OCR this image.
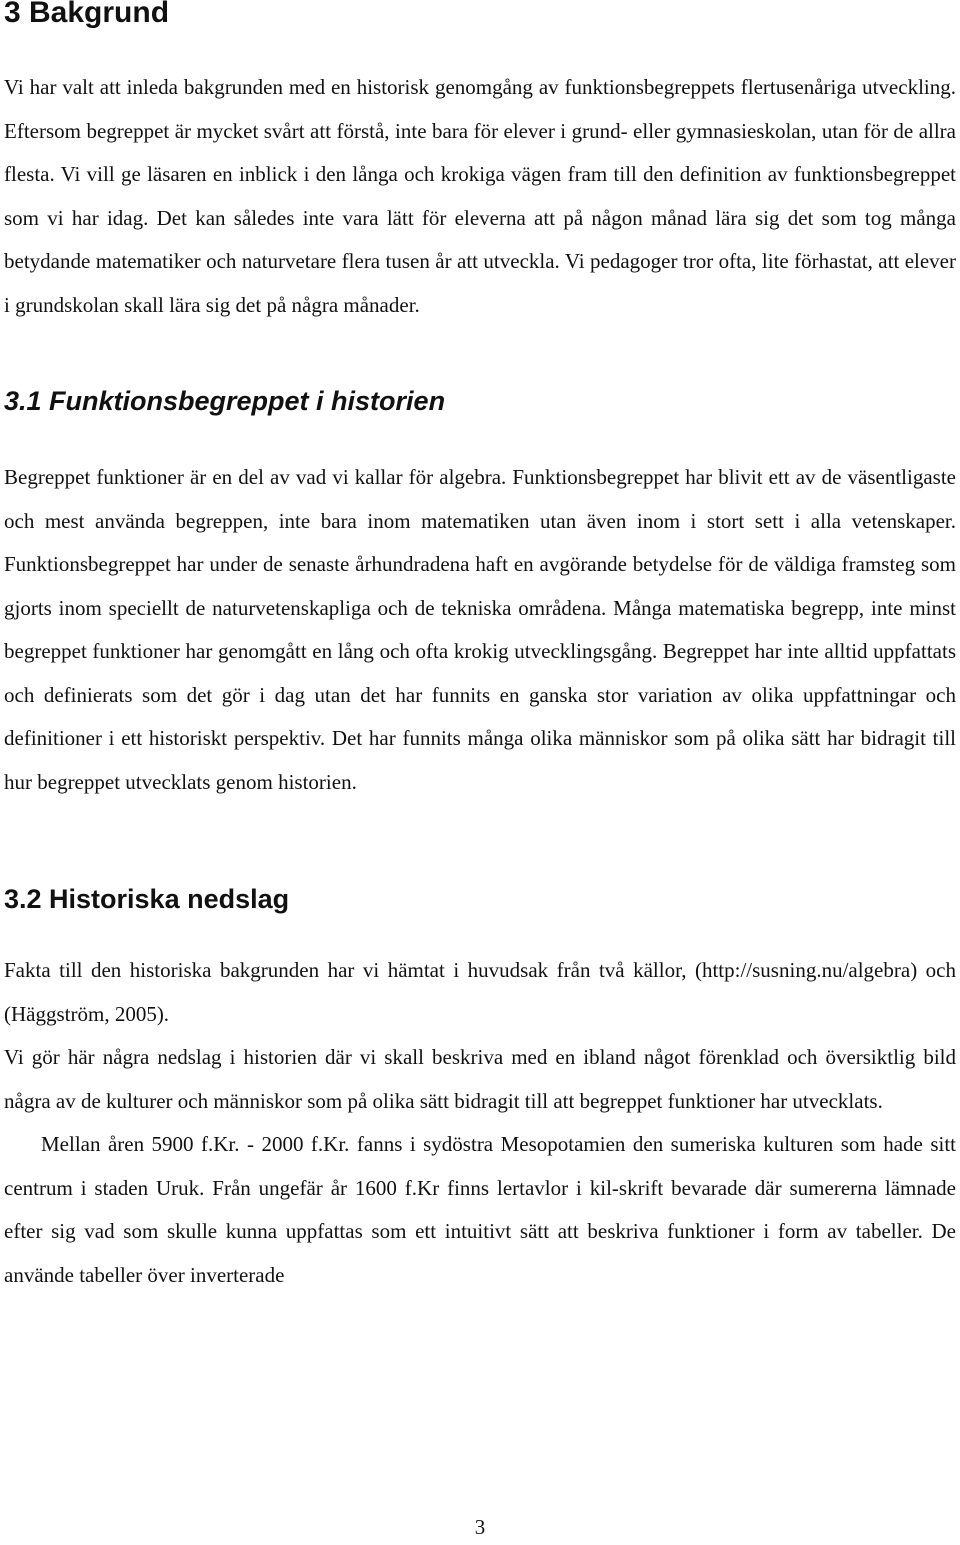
3 Bakgrund

Vi har valt att inleda bakgrunden med en historisk genomgång av funktionsbegreppets flertusenåriga utveckling. Eftersom begreppet är mycket svårt att förstå, inte bara för elever i grund- eller gymnasieskolan, utan för de allra flesta. Vi vill ge läsaren en inblick i den långa och krokiga vägen fram till den definition av funktionsbegreppet som vi har idag. Det kan således inte vara lätt för eleverna att på någon månad lära sig det som tog många betydande matematiker och naturvetare flera tusen år att utveckla. Vi pedagoger tror ofta, lite förhastat, att elever i grundskolan skall lära sig det på några månader.

3.1 Funktionsbegreppet i historien

Begreppet funktioner är en del av vad vi kallar för algebra. Funktionsbegreppet har blivit ett av de väsentligaste och mest använda begreppen, inte bara inom matematiken utan även inom i stort sett i alla vetenskaper. Funktionsbegreppet har under de senaste århundradena haft en avgörande betydelse för de väldiga framsteg som gjorts inom speciellt de naturvetenskapliga och de tekniska områdena. Många matematiska begrepp, inte minst begreppet funktioner har genomgått en lång och ofta krokig utvecklingsgång. Begreppet har inte alltid uppfattats och definierats som det gör i dag utan det har funnits en ganska stor variation av olika uppfattningar och definitioner i ett historiskt perspektiv. Det har funnits många olika människor som på olika sätt har bidragit till hur begreppet utvecklats genom historien.

3.2 Historiska nedslag

Fakta till den historiska bakgrunden har vi hämtat i huvudsak från två källor, (http://susning.nu/algebra) och (Häggström, 2005).

Vi gör här några nedslag i historien där vi skall beskriva med en ibland något förenklad och översiktlig bild några av de kulturer och människor som på olika sätt bidragit till att begreppet funktioner har utvecklats.

Mellan åren 5900 f.Kr. - 2000 f.Kr. fanns i sydöstra Mesopotamien den sumeriska kulturen som hade sitt centrum i staden Uruk. Från ungefär år 1600 f.Kr finns lertavlor i kil-skrift bevarade där sumererna lämnade efter sig vad som skulle kunna uppfattas som ett intuitivt sätt att beskriva funktioner i form av tabeller. De använde tabeller över inverterade

3
